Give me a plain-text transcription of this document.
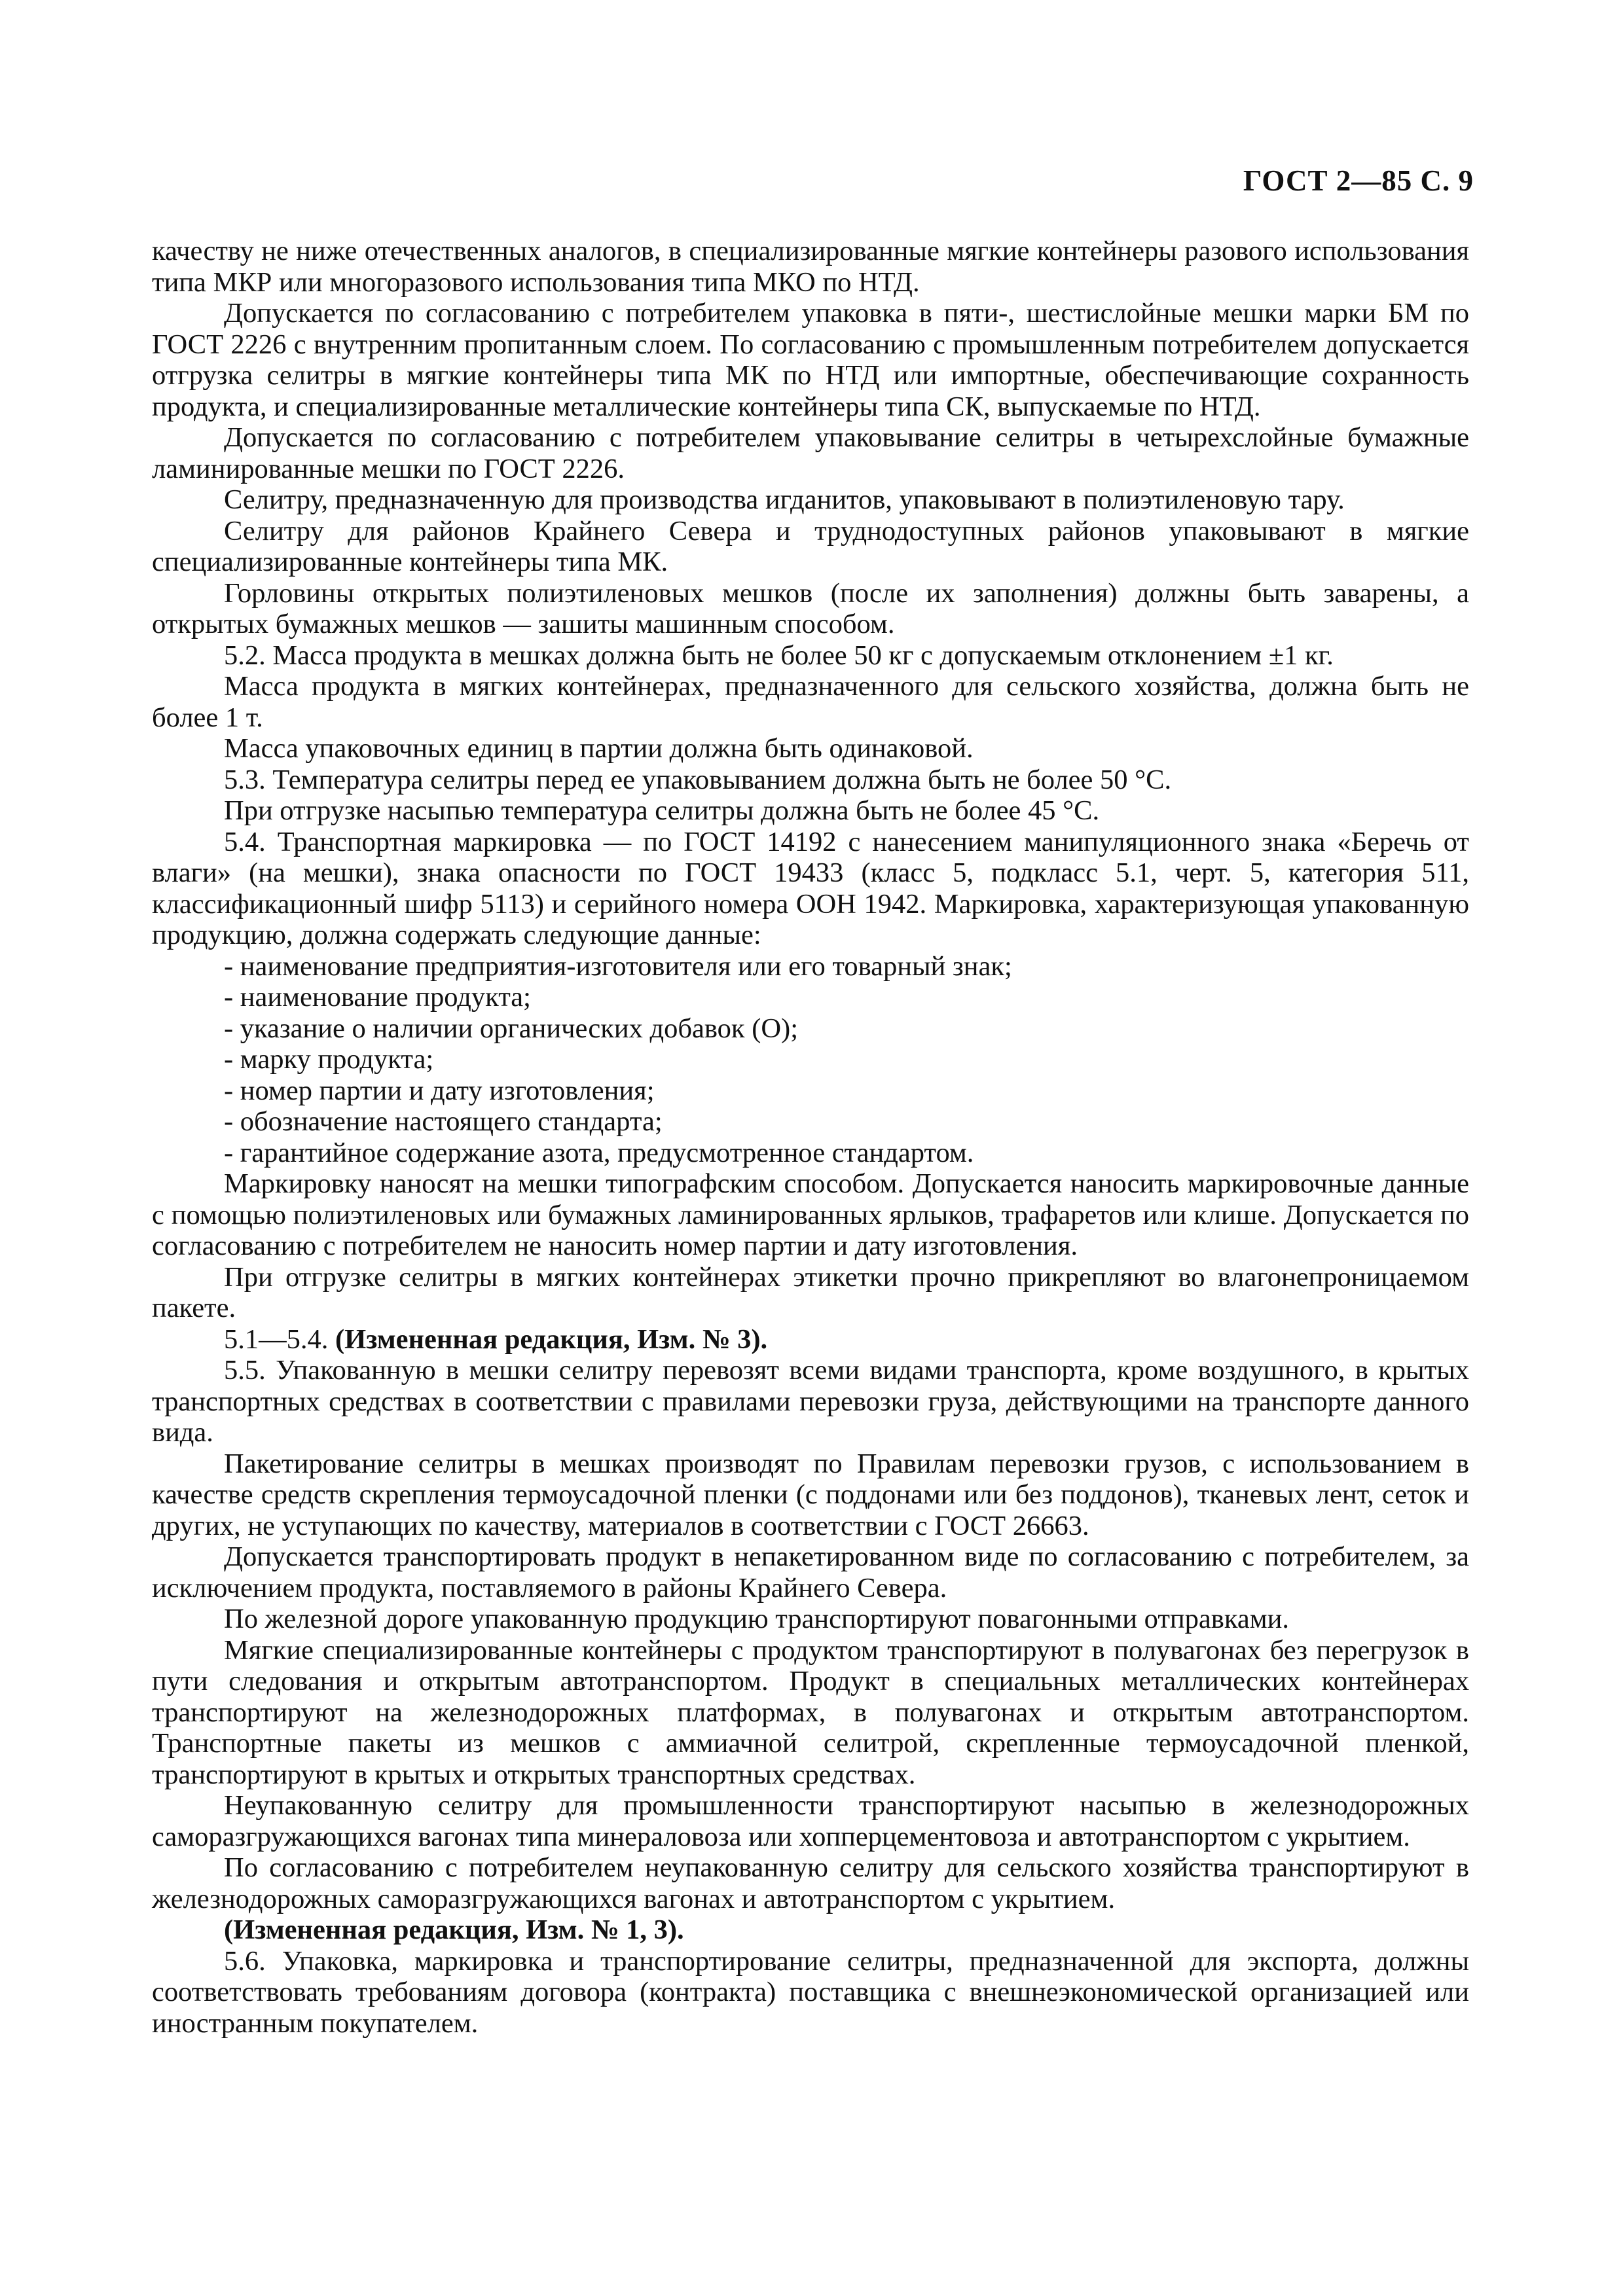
ГОСТ 2—85 С. 9

качеству не ниже отечественных аналогов, в специализированные мягкие контейнеры разового использования типа МКР или многоразового использования типа МКО по НТД.

Допускается по согласованию с потребителем упаковка в пяти-, шестислойные мешки марки БМ по ГОСТ 2226 с внутренним пропитанным слоем. По согласованию с промышленным потребителем допускается отгрузка селитры в мягкие контейнеры типа МК по НТД или импортные, обеспечивающие сохранность продукта, и специализированные металлические контейнеры типа СК, выпускаемые по НТД.

Допускается по согласованию с потребителем упаковывание селитры в четырехслойные бумажные ламинированные мешки по ГОСТ 2226.

Селитру, предназначенную для производства игданитов, упаковывают в полиэтиленовую тару.

Селитру для районов Крайнего Севера и труднодоступных районов упаковывают в мягкие специализированные контейнеры типа МК.

Горловины открытых полиэтиленовых мешков (после их заполнения) должны быть заварены, а открытых бумажных мешков — зашиты машинным способом.

5.2. Масса продукта в мешках должна быть не более 50 кг с допускаемым отклонением ±1 кг.

Масса продукта в мягких контейнерах, предназначенного для сельского хозяйства, должна быть не более 1 т.

Масса упаковочных единиц в партии должна быть одинаковой.

5.3. Температура селитры перед ее упаковыванием должна быть не более 50 °С.

При отгрузке насыпью температура селитры должна быть не более 45 °С.

5.4. Транспортная маркировка — по ГОСТ 14192 с нанесением манипуляционного знака «Беречь от влаги» (на мешки), знака опасности по ГОСТ 19433 (класс 5, подкласс 5.1, черт. 5, категория 511, классификационный шифр 5113) и серийного номера ООН 1942. Маркировка, характеризующая упакованную продукцию, должна содержать следующие данные:

- наименование предприятия-изготовителя или его товарный знак;

- наименование продукта;

- указание о наличии органических добавок (О);

- марку продукта;

- номер партии и дату изготовления;

- обозначение настоящего стандарта;

- гарантийное содержание азота, предусмотренное стандартом.

Маркировку наносят на мешки типографским способом. Допускается наносить маркировочные данные с помощью полиэтиленовых или бумажных ламинированных ярлыков, трафаретов или клише. Допускается по согласованию с потребителем не наносить номер партии и дату изготовления.

При отгрузке селитры в мягких контейнерах этикетки прочно прикрепляют во влагонепроницаемом пакете.

5.1—5.4. (Измененная редакция, Изм. № 3).

5.5. Упакованную в мешки селитру перевозят всеми видами транспорта, кроме воздушного, в крытых транспортных средствах в соответствии с правилами перевозки груза, действующими на транспорте данного вида.

Пакетирование селитры в мешках производят по Правилам перевозки грузов, с использованием в качестве средств скрепления термоусадочной пленки (с поддонами или без поддонов), тканевых лент, сеток и других, не уступающих по качеству, материалов в соответствии с ГОСТ 26663.

Допускается транспортировать продукт в непакетированном виде по согласованию с потребителем, за исключением продукта, поставляемого в районы Крайнего Севера.

По железной дороге упакованную продукцию транспортируют повагонными отправками.

Мягкие специализированные контейнеры с продуктом транспортируют в полувагонах без перегрузок в пути следования и открытым автотранспортом. Продукт в специальных металлических контейнерах транспортируют на железнодорожных платформах, в полувагонах и открытым автотранспортом. Транспортные пакеты из мешков с аммиачной селитрой, скрепленные термоусадочной пленкой, транспортируют в крытых и открытых транспортных средствах.

Неупакованную селитру для промышленности транспортируют насыпью в железнодорожных саморазгружающихся вагонах типа минераловоза или хопперцементовоза и автотранспортом с укрытием.

По согласованию с потребителем неупакованную селитру для сельского хозяйства транспортируют в железнодорожных саморазгружающихся вагонах и автотранспортом с укрытием.

(Измененная редакция, Изм. № 1, 3).

5.6. Упаковка, маркировка и транспортирование селитры, предназначенной для экспорта, должны соответствовать требованиям договора (контракта) поставщика с внешнеэкономической организацией или иностранным покупателем.
